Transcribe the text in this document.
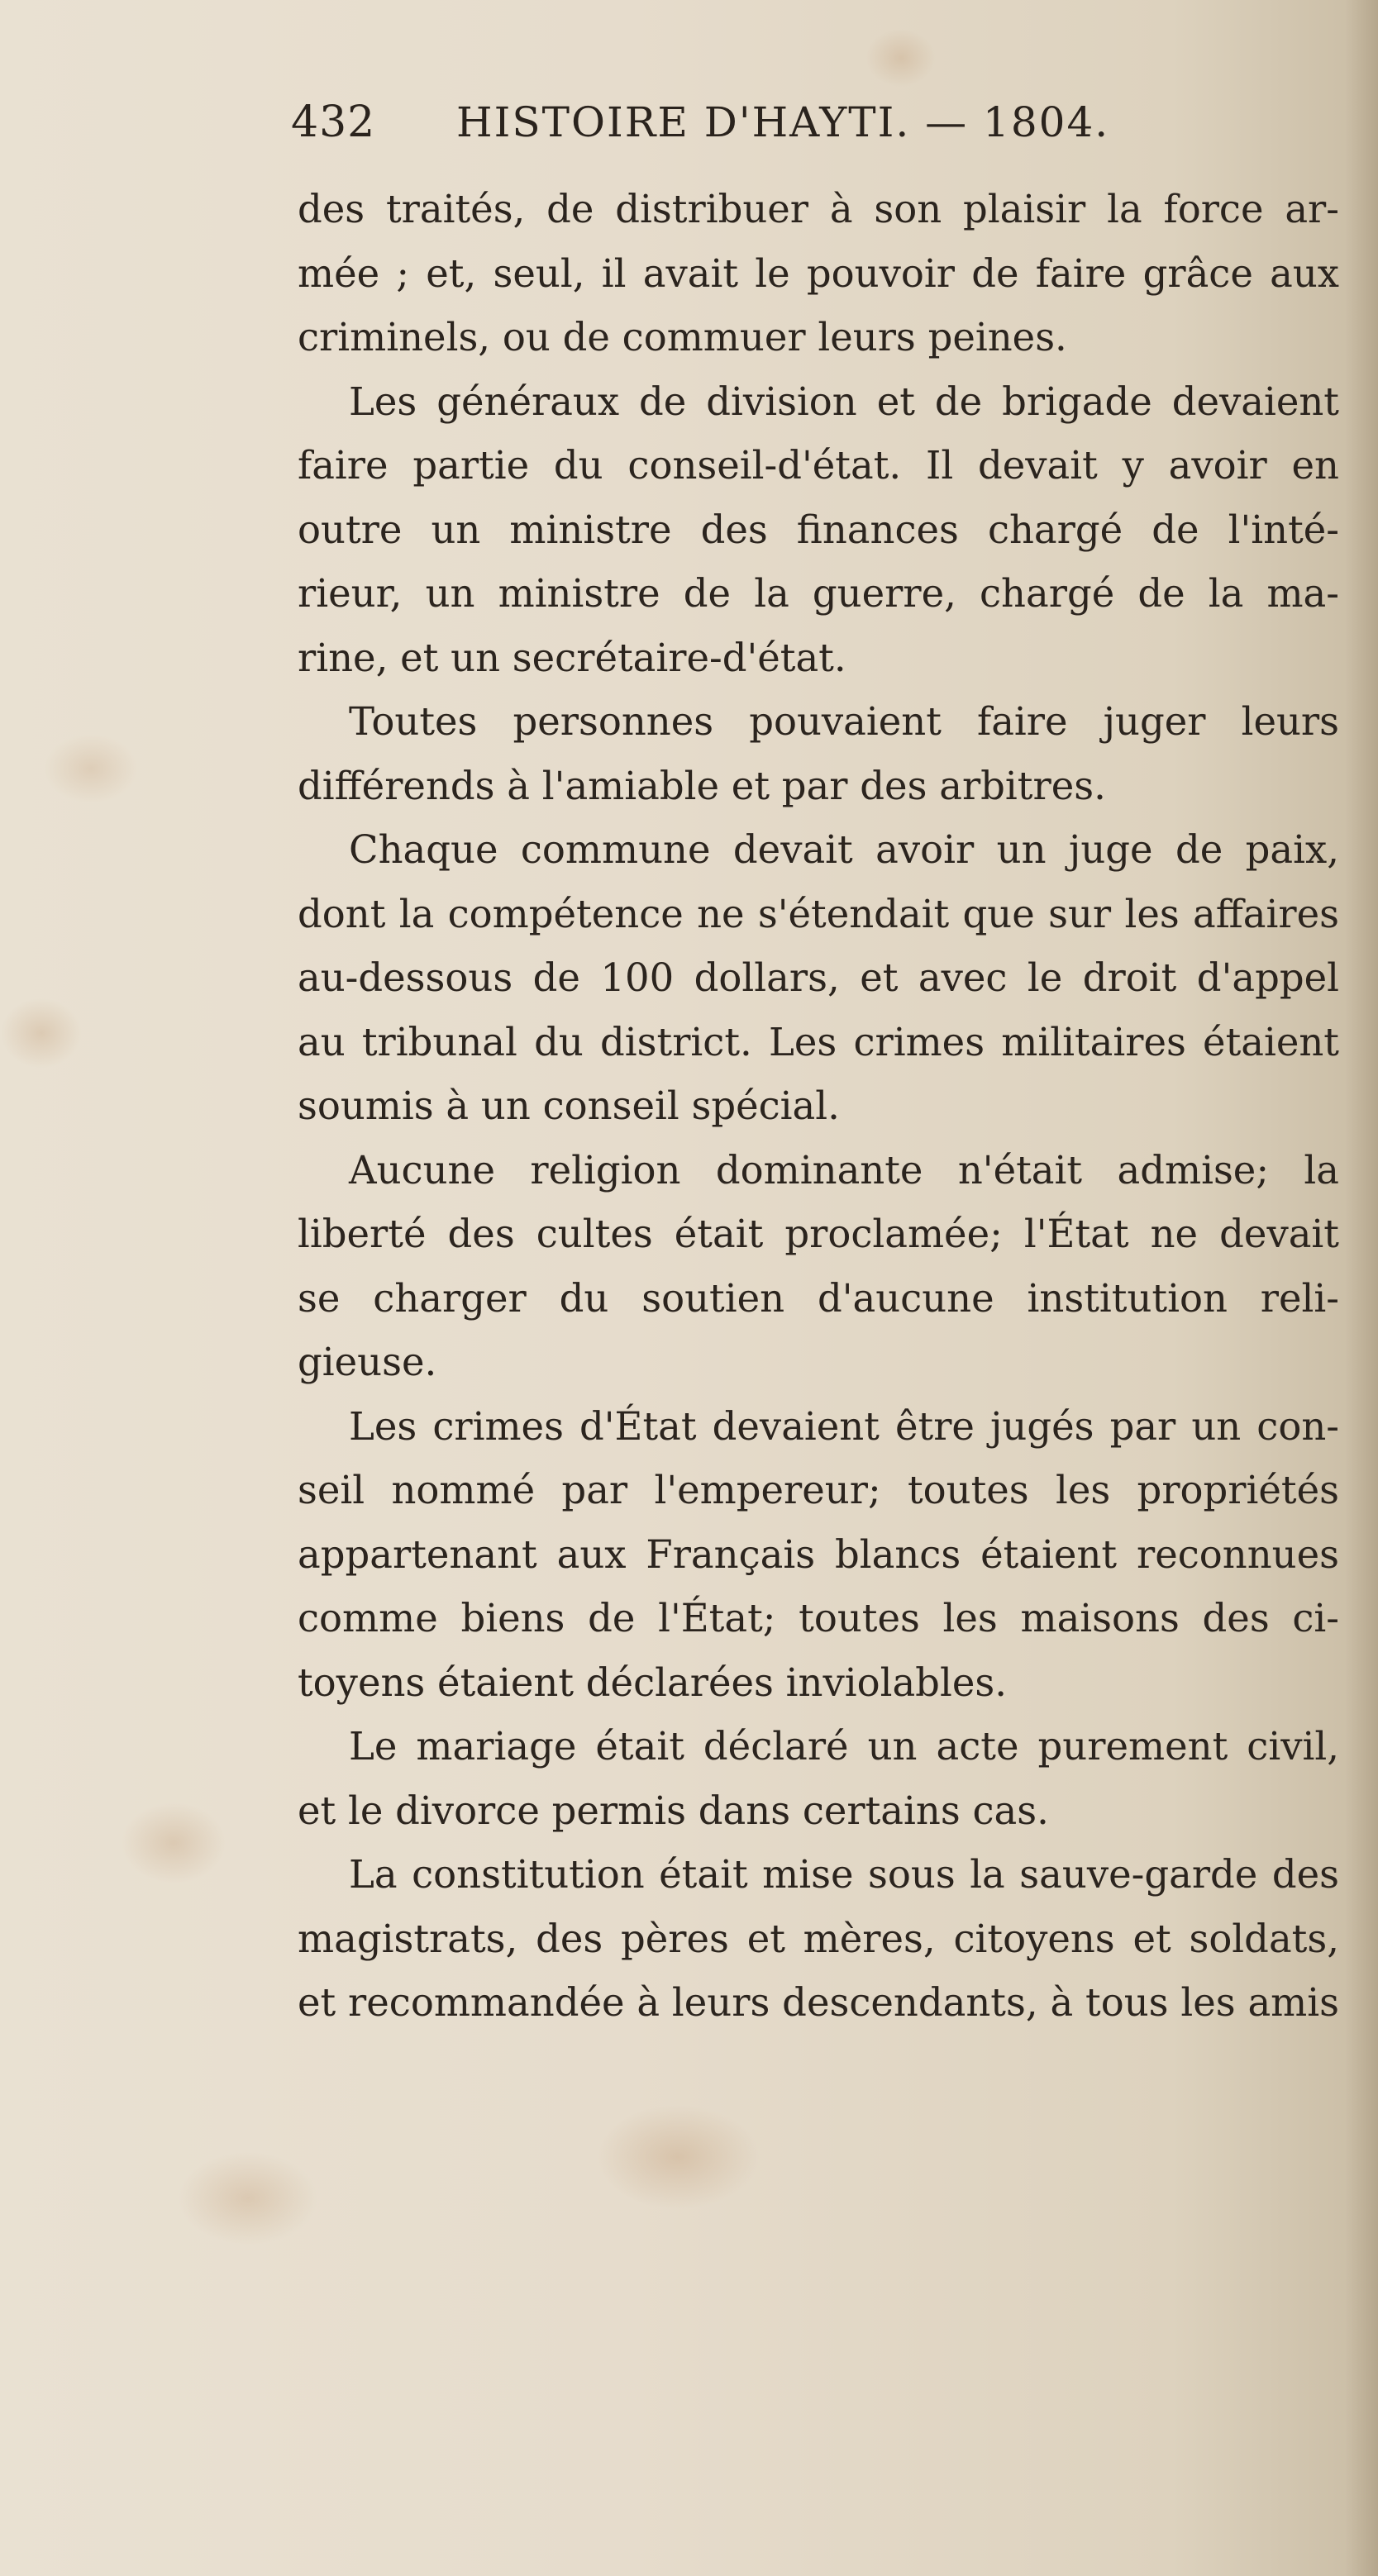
432	HISTOIRE D'HAYTI. — 1804.
des traités, de distribuer à son plaisir la force ar-
mée ; et, seul, il avait le pouvoir de faire grâce aux
criminels, ou de commuer leurs peines.
Les généraux de division et de brigade devaient
faire partie du conseil-d'état. Il devait y avoir en
outre un ministre des finances chargé de l'inté-
rieur, un ministre de la guerre, chargé de la ma-
rine, et un secrétaire-d'état.
Toutes personnes pouvaient faire juger leurs
différends à l'amiable et par des arbitres.
Chaque commune devait avoir un juge de paix,
dont la compétence ne s'étendait que sur les affaires
au-dessous de 100 dollars, et avec le droit d'appel
au tribunal du district. Les crimes militaires étaient
soumis à un conseil spécial.
Aucune religion dominante n'était admise; la
liberté des cultes était proclamée; l'État ne devait
se charger du soutien d'aucune institution reli-
gieuse.
Les crimes d'État devaient être jugés par un con-
seil nommé par l'empereur; toutes les propriétés
appartenant aux Français blancs étaient reconnues
comme biens de l'État; toutes les maisons des ci-
toyens étaient déclarées inviolables.
Le mariage était déclaré un acte purement civil,
et le divorce permis dans certains cas.
La constitution était mise sous la sauve-garde des
magistrats, des pères et mères, citoyens et soldats,
et recommandée à leurs descendants, à tous les amis
